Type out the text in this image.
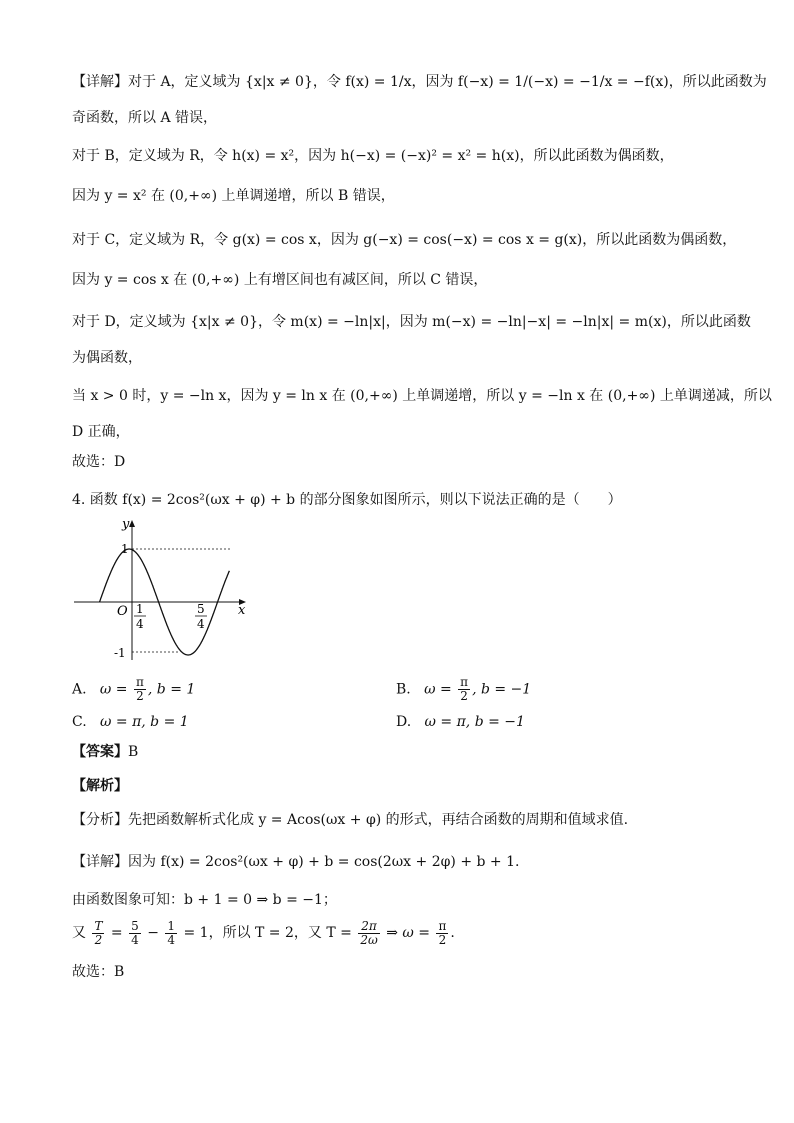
【详解】对于 A，定义域为 {x|x ≠ 0}，令 f(x) = 1/x，因为 f(−x) = 1/(−x) = −1/x = −f(x)，所以此函数为
奇函数，所以 A 错误，
对于 B，定义域为 R，令 h(x) = x²，因为 h(−x) = (−x)² = x² = h(x)，所以此函数为偶函数，
因为 y = x² 在 (0,+∞) 上单调递增，所以 B 错误，
对于 C，定义域为 R，令 g(x) = cos x，因为 g(−x) = cos(−x) = cos x = g(x)，所以此函数为偶函数，
因为 y = cos x 在 (0,+∞) 上有增区间也有减区间，所以 C 错误，
对于 D，定义域为 {x|x ≠ 0}，令 m(x) = −ln|x|，因为 m(−x) = −ln|−x| = −ln|x| = m(x)，所以此函数
为偶函数，
当 x > 0 时，y = −ln x，因为 y = ln x 在 (0,+∞) 上单调递增，所以 y = −ln x 在 (0,+∞) 上单调递减，所以
D 正确，
故选：D
4. 函数 f(x) = 2cos²(ωx + φ) + b 的部分图象如图所示，则以下说法正确的是（　　）
y
x
O
1
-1
1
4
5
4
A. $\omega = \frac{\pi}{2}$ , b = 1	B. $\omega = \frac{\pi}{2}$ , b = −1
C. ω = π, b = 1	D. ω = π, b = −1
【答案】B
【解析】
【分析】先把函数解析式化成 y = Acos(ωx + φ) 的形式，再结合函数的周期和值域求值.
【详解】因为 f(x) = 2cos²(ωx + φ) + b = cos(2ωx + 2φ) + b + 1.
由函数图象可知：b + 1 = 0 ⇒ b = −1；
又 $\frac{T}{2} = \frac{5}{4} - \frac{1}{4} = 1$，所以 T = 2，又 $T = \frac{2\pi}{2\omega}$ ⇒ $\omega = \frac{\pi}{2}$ .
故选：B
